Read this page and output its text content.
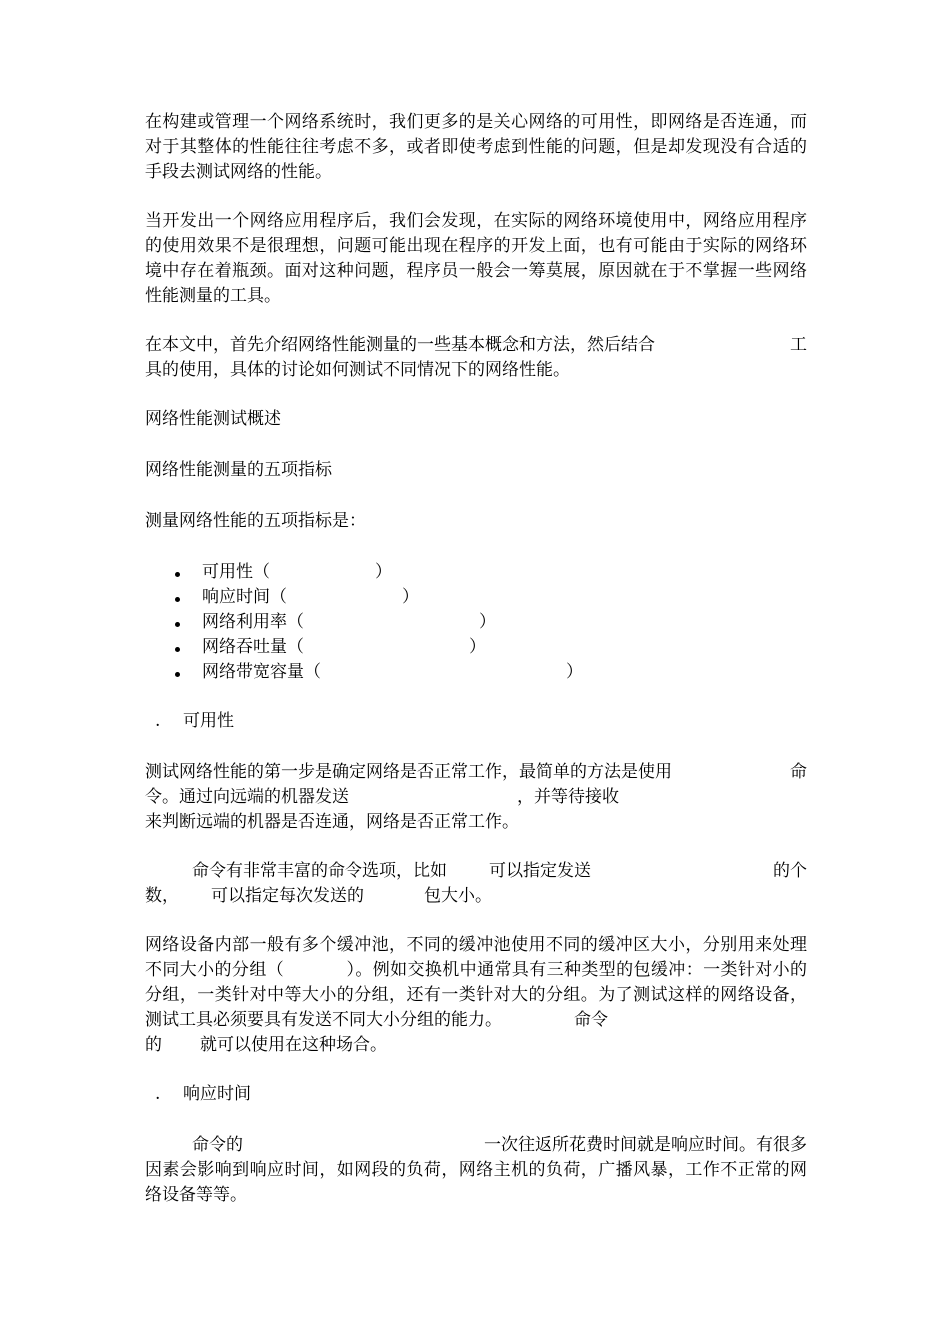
在构建或管理一个网络系统时，我们更多的是关心网络的可用性，即网络是否连通，而对于其整体的性能往往考虑不多，或者即使考虑到性能的问题，但是却发现没有合适的手段去测试网络的性能。

当开发出一个网络应用程序后，我们会发现，在实际的网络环境使用中，网络应用程序的使用效果不是很理想，问题可能出现在程序的开发上面，也有可能由于实际的网络环境中存在着瓶颈。面对这种问题，程序员一般会一筹莫展，原因就在于不掌握一些网络性能测量的工具。

在本文中，首先介绍网络性能测量的一些基本概念和方法，然后结合	工
具的使用，具体的讨论如何测试不同情况下的网络性能。

网络性能测试概述

网络性能测量的五项指标

测量网络性能的五项指标是：

可用性（	）
响应时间（	）
网络利用率（	）
网络吞吐量（	）
网络带宽容量（	）

. 可用性

测试网络性能的第一步是确定网络是否正常工作，最简单的方法是使用	命
令。通过向远端的机器发送	，并等待接收
来判断远端的机器是否连通，网络是否正常工作。
命令有非常丰富的命令选项，比如 可以指定发送	的个
数， 可以指定每次发送的	包大小。

网络设备内部一般有多个缓冲池，不同的缓冲池使用不同的缓冲区大小，分别用来处理不同大小的分组（	）。例如交换机中通常具有三种类型的包缓冲：一类针对小的分组，一类针对中等大小的分组，还有一类针对大的分组。为了测试这样的网络设备，测试工具必须要具有发送不同大小分组的能力。	命令

的 就可以使用在这种场合。

. 响应时间

命令的	一次往返所花费时间就是响应时间。有很多

因素会影响到响应时间，如网段的负荷，网络主机的负荷，广播风暴，工作不正常的网络设备等等。
